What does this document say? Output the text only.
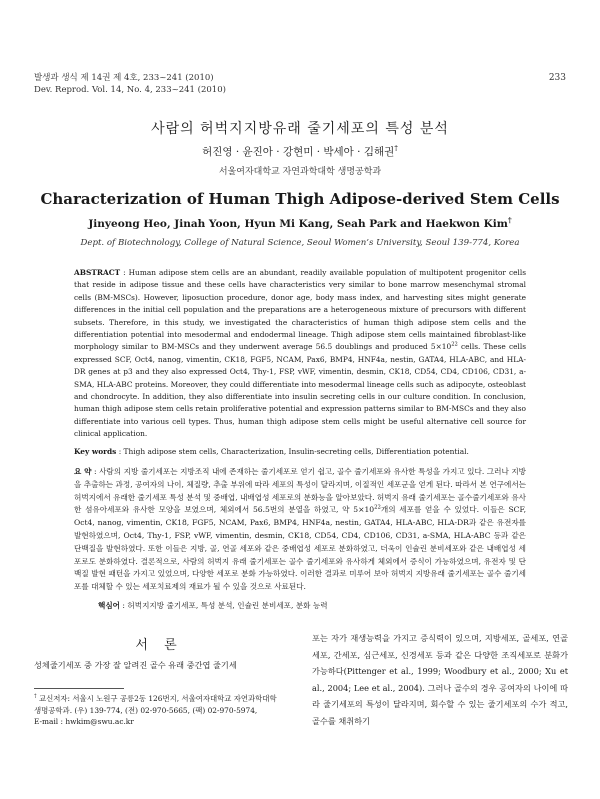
발생과 생식 제 14권 제 4호, 233~241 (2010)
Dev. Reprod. Vol. 14, No. 4, 233~241 (2010)
233
사람의 허벅지지방유래 줄기세포의 특성 분석
허진영 · 윤진아 · 강현미 · 박세아 · 김해권†
서울여자대학교 자연과학대학 생명공학과
Characterization of Human Thigh Adipose-derived Stem Cells
Jinyeong Heo, Jinah Yoon, Hyun Mi Kang, Seah Park and Haekwon Kim†
Dept. of Biotechnology, College of Natural Science, Seoul Women’s University, Seoul 139-774, Korea
ABSTRACT : Human adipose stem cells are an abundant, readily available population of multipotent progenitor cells that reside in adipose tissue and these cells have characteristics very similar to bone marrow mesenchymal stromal cells (BM-MSCs). However, liposuction procedure, donor age, body mass index, and harvesting sites might generate differences in the initial cell population and the preparations are a heterogeneous mixture of precursors with different subsets. Therefore, in this study, we investigated the characteristics of human thigh adipose stem cells and the differentiation potential into mesodermal and endodermal lineage. Thigh adipose stem cells maintained fibroblast-like morphology similar to BM-MSCs and they underwent average 56.5 doublings and produced $5\times 10^{22}$ cells. These cells expressed SCF, Oct4, nanog, vimentin, CK18, FGF5, NCAM, Pax6, BMP4, HNF4a, nestin, GATA4, HLA-ABC, and HLA-DR genes at p3 and they also expressed Oct4, Thy-1, FSP, vWF, vimentin, desmin, CK18, CD54, CD4, CD106, CD31, a-SMA, HLA-ABC proteins. Moreover, they could differentiate into mesodermal lineage cells such as adipocyte, osteoblast and chondrocyte. In addition, they also differentiate into insulin secreting cells in our culture condition. In conclusion, human thigh adipose stem cells retain proliferative potential and expression patterns similar to BM-MSCs and they also differentiate into various cell types. Thus, human thigh adipose stem cells might be useful alternative cell source for clinical application.
Key words : Thigh adipose stem cells, Characterization, Insulin-secreting cells, Differentiation potential.
요 약 : 사람의 지방 줄기세포는 지방조직 내에 존재하는 줄기세포로 얻기 쉽고, 골수 줄기세포와 유사한 특성을 가지고 있다. 그러나 지방을 추출하는 과정, 공여자의 나이, 체질량, 추출 부위에 따라 세포의 특성이 달라지며, 이질적인 세포군을 얻게 된다. 따라서 본 연구에서는 허벅지에서 유래한 줄기세포 특성 분석 및 중배엽, 내배엽성 세포로의 분화능을 알아보았다. 허벅지 유래 줄기세포는 골수줄기세포와 유사한 섬유아세포와 유사한 모양을 보였으며, 체외에서 56.5번의 분열을 하였고, 약 $5\times 10^{22}$개의 세포를 얻을 수 있었다. 이들은 SCF, Oct4, nanog, vimentin, CK18, FGF5, NCAM, Pax6, BMP4, HNF4a, nestin, GATA4, HLA-ABC, HLA-DR과 같은 유전자를 발현하였으며, Oct4, Thy-1, FSP, vWF, vimentin, desmin, CK18, CD54, CD4, CD106, CD31, a-SMA, HLA-ABC 등과 같은 단백질을 발현하였다. 또한 이들은 지방, 골, 연골 세포와 같은 중배엽성 세포로 분화하였고, 더욱이 인슐린 분비세포와 같은 내배엽성 세포로도 분화하였다. 결론적으로, 사람의 허벅지 유래 줄기세포는 골수 줄기세포와 유사하게 체외에서 증식이 가능하였으며, 유전자 및 단백질 발현 패턴을 가지고 있었으며, 다양한 세포로 분화 가능하였다. 이러한 결과로 미루어 보아 허벅지 지방유래 줄기세포는 골수 줄기세포를 대체할 수 있는 세포치료제의 재료가 될 수 있을 것으로 사료된다.
핵심어 : 허벅지지방 줄기세포, 특성 분석, 인슐린 분비세포, 분화 능력
서 론
성체줄기세포 중 가장 잘 알려진 골수 유래 중간엽 줄기세
† 교신저자: 서울시 노원구 공릉2동 126번지, 서울여자대학교 자연과학대학 생명공학과. (우) 139-774, (전) 02-970-5665, (팩) 02-970-5974,
E-mail : hwkim@swu.ac.kr
포는 자가 재생능력을 가지고 증식력이 있으며, 지방세포, 골세포, 연골세포, 간세포, 심근세포, 신경세포 등과 같은 다양한 조직세포로 분화가 가능하다(Pittenger et al., 1999; Woodbury et al., 2000; Xu et al., 2004; Lee et al., 2004). 그러나 골수의 경우 공여자의 나이에 따라 줄기세포의 특성이 달라지며, 회수할 수 있는 줄기세포의 수가 적고, 골수를 채취하기
